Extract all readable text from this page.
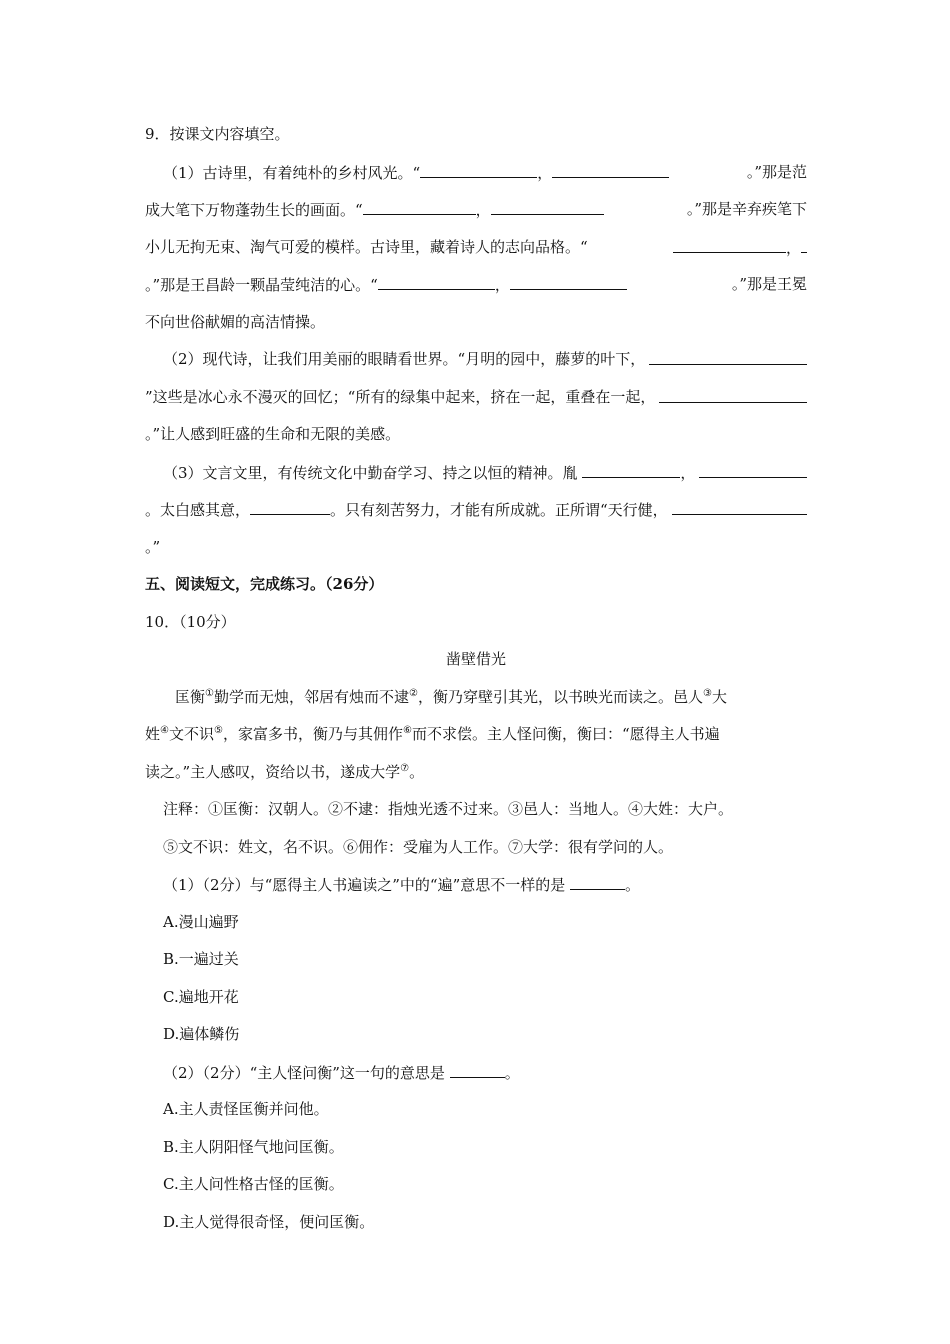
9．按课文内容填空。
（1）古诗里，有着纯朴的乡村风光。“	，	。”那是范
成大笔下万物蓬勃生长的画面。“	，	。”那是辛弃疾笔下
小儿无拘无束、淘气可爱的模样。古诗里，藏着诗人的志向品格。“	，
。”那是王昌龄一颗晶莹纯洁的心。“	，	。”那是王冕
不向世俗献媚的高洁情操。
（2）现代诗，让我们用美丽的眼睛看世界。“月明的园中，藤萝的叶下，
”这些是冰心永不漫灭的回忆；“所有的绿集中起来，挤在一起，重叠在一起，
。”让人感到旺盛的生命和无限的美感。
（3）文言文里，有传统文化中勤奋学习、持之以恒的精神。胤	，
。太白感其意，	。只有刻苦努力，才能有所成就。正所谓“天行健，
。”
五、阅读短文，完成练习。（26分）
10．（10分）
凿壁借光
匡衡①勤学而无烛，邻居有烛而不逮②，衡乃穿壁引其光，以书映光而读之。邑人③大
姓④文不识⑤，家富多书，衡乃与其佣作⑥而不求偿。主人怪问衡，衡曰：“愿得主人书遍
读之。”主人感叹，资给以书，遂成大学⑦。
注释：①匡衡：汉朝人。②不逮：指烛光透不过来。③邑人：当地人。④大姓：大户。
⑤文不识：姓文，名不识。⑥佣作：受雇为人工作。⑦大学：很有学问的人。
（1）（2分）与“愿得主人书遍读之”中的“遍”意思不一样的是	。
A.漫山遍野
B.一遍过关
C.遍地开花
D.遍体鳞伤
（2）（2分）“主人怪问衡”这一句的意思是	。
A.主人责怪匡衡并问他。
B.主人阴阳怪气地问匡衡。
C.主人问性格古怪的匡衡。
D.主人觉得很奇怪，便问匡衡。
